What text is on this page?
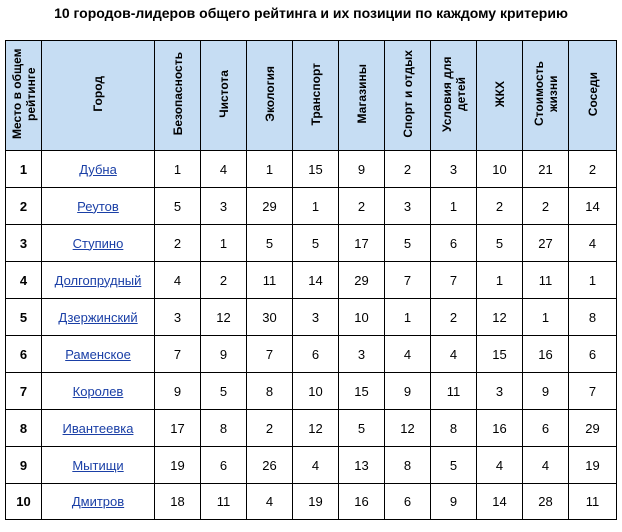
10 городов-лидеров общего рейтинга и их позиции по каждому критерию
Место в общем рейтинге	Город	Безопасность	Чистота	Экология	Транспорт	Магазины	Спорт и отдых	Условия для детей	ЖКХ	Стоимость жизни	Соседи
1	Дубна	1	4	1	15	9	2	3	10	21	2
2	Реутов	5	3	29	1	2	3	1	2	2	14
3	Ступино	2	1	5	5	17	5	6	5	27	4
4	Долгопрудный	4	2	11	14	29	7	7	1	11	1
5	Дзержинский	3	12	30	3	10	1	2	12	1	8
6	Раменское	7	9	7	6	3	4	4	15	16	6
7	Королев	9	5	8	10	15	9	11	3	9	7
8	Ивантеевка	17	8	2	12	5	12	8	16	6	29
9	Мытищи	19	6	26	4	13	8	5	4	4	19
10	Дмитров	18	11	4	19	16	6	9	14	28	11
